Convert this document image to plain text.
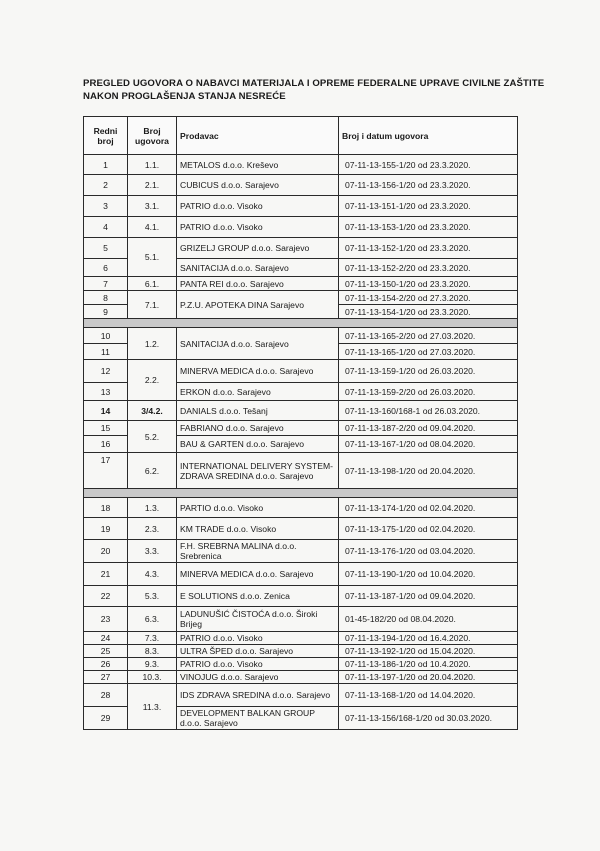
PREGLED UGOVORA O NABAVCI MATERIJALA I OPREME FEDERALNE UPRAVE CIVILNE ZAŠTITE
NAKON PROGLAŠENJA STANJA NESREĆE
Redni broj	Broj ugovora	Prodavac	Broj i datum ugovora
1	1.1.	METALOS d.o.o. Kreševo	07-11-13-155-1/20 od 23.3.2020.
2	2.1.	CUBICUS d.o.o. Sarajevo	07-11-13-156-1/20 od 23.3.2020.
3	3.1.	PATRIO d.o.o. Visoko	07-11-13-151-1/20 od 23.3.2020.
4	4.1.	PATRIO d.o.o. Visoko	07-11-13-153-1/20 od 23.3.2020.
5	5.1.	GRIZELJ GROUP d.o.o. Sarajevo	07-11-13-152-1/20 od 23.3.2020.
6		SANITACIJA d.o.o. Sarajevo	07-11-13-152-2/20 od 23.3.2020.
7	6.1.	PANTA REI d.o.o. Sarajevo	07-11-13-150-1/20 od 23.3.2020.
8	7.1.	P.Z.U. APOTEKA DINA Sarajevo	07-11-13-154-2/20 od 27.3.2020.
9			07-11-13-154-1/20 od 23.3.2020.

10	1.2.	SANITACIJA d.o.o. Sarajevo	07-11-13-165-2/20 od 27.03.2020.
11			07-11-13-165-1/20 od 27.03.2020.
12	2.2.	MINERVA MEDICA d.o.o. Sarajevo	07-11-13-159-1/20 od 26.03.2020.
13		ERKON d.o.o. Sarajevo	07-11-13-159-2/20 od 26.03.2020.
14	3/4.2.	DANIALS d.o.o. Tešanj	07-11-13-160/168-1 od 26.03.2020.
15	5.2.	FABRIANO d.o.o. Sarajevo	07-11-13-187-2/20 od 09.04.2020.
16		BAU & GARTEN d.o.o. Sarajevo	07-11-13-167-1/20 od 08.04.2020.
17	6.2.	INTERNATIONAL DELIVERY SYSTEM-ZDRAVA SREDINA d.o.o. Sarajevo	07-11-13-198-1/20 od 20.04.2020.

18	1.3.	PARTIO d.o.o. Visoko	07-11-13-174-1/20 od 02.04.2020.
19	2.3.	KM TRADE d.o.o. Visoko	07-11-13-175-1/20 od 02.04.2020.
20	3.3.	F.H. SREBRNA MALINA d.o.o. Srebrenica	07-11-13-176-1/20 od 03.04.2020.
21	4.3.	MINERVA MEDICA d.o.o. Sarajevo	07-11-13-190-1/20 od 10.04.2020.
22	5.3.	E SOLUTIONS d.o.o. Zenica	07-11-13-187-1/20 od 09.04.2020.
23	6.3.	LADUNUŠIĆ ČISTOĆA d.o.o. Široki Brijeg	01-45-182/20 od 08.04.2020.
24	7.3.	PATRIO d.o.o. Visoko	07-11-13-194-1/20 od 16.4.2020.
25	8.3.	ULTRA ŠPED d.o.o. Sarajevo	07-11-13-192-1/20 od 15.04.2020.
26	9.3.	PATRIO d.o.o. Visoko	07-11-13-186-1/20 od 10.4.2020.
27	10.3.	VINOJUG d.o.o. Sarajevo	07-11-13-197-1/20 od 20.04.2020.
28	11.3.	IDS ZDRAVA SREDINA d.o.o. Sarajevo	07-11-13-168-1/20 od 14.04.2020.
29		DEVELOPMENT BALKAN GROUP d.o.o. Sarajevo	07-11-13-156/168-1/20 od 30.03.2020.
